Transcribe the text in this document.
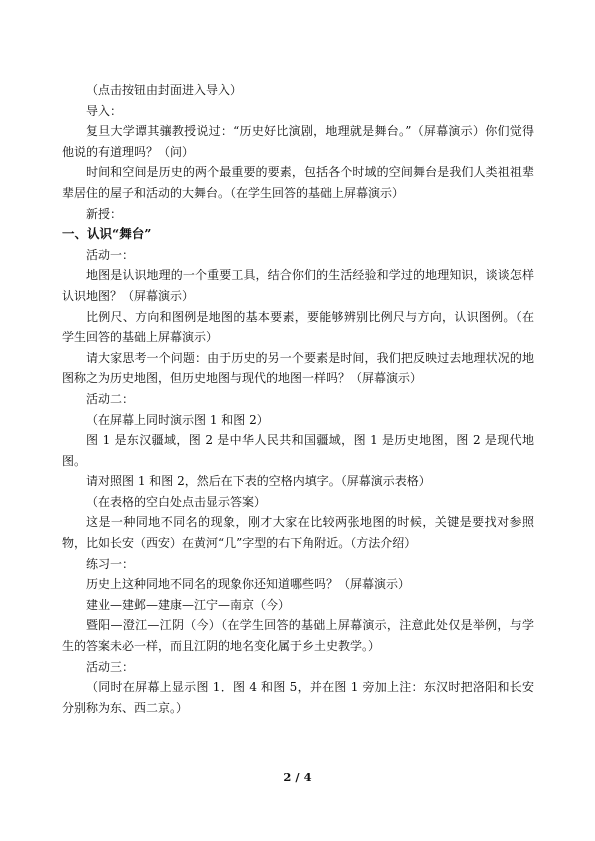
（点击按钮由封面进入导入）

导入：

复旦大学谭其骧教授说过：“历史好比演剧，地理就是舞台。”（屏幕演示）你们觉得他说的有道理吗？（问）

时间和空间是历史的两个最重要的要素，包括各个时域的空间舞台是我们人类祖祖辈辈居住的屋子和活动的大舞台。（在学生回答的基础上屏幕演示）

新授：

一、认识“舞台”

活动一：

地图是认识地理的一个重要工具，结合你们的生活经验和学过的地理知识，谈谈怎样认识地图？（屏幕演示）

比例尺、方向和图例是地图的基本要素，要能够辨别比例尺与方向，认识图例。（在学生回答的基础上屏幕演示）

请大家思考一个问题：由于历史的另一个要素是时间，我们把反映过去地理状况的地图称之为历史地图，但历史地图与现代的地图一样吗？（屏幕演示）

活动二：

（在屏幕上同时演示图 1 和图 2）

图 1 是东汉疆域，图 2 是中华人民共和国疆域，图 1 是历史地图，图 2 是现代地图。

请对照图 1 和图 2，然后在下表的空格内填字。（屏幕演示表格）

（在表格的空白处点击显示答案）

这是一种同地不同名的现象，刚才大家在比较两张地图的时候，关键是要找对参照物，比如长安（西安）在黄河“几”字型的右下角附近。（方法介绍）

练习一：

历史上这种同地不同名的现象你还知道哪些吗？（屏幕演示）

建业—建邺—建康—江宁—南京（今）

暨阳—澄江—江阴（今）（在学生回答的基础上屏幕演示，注意此处仅是举例，与学生的答案未必一样，而且江阴的地名变化属于乡土史教学。）

活动三：

（同时在屏幕上显示图 1．图 4 和图 5，并在图 1 旁加上注：东汉时把洛阳和长安分别称为东、西二京。）

2 / 4
